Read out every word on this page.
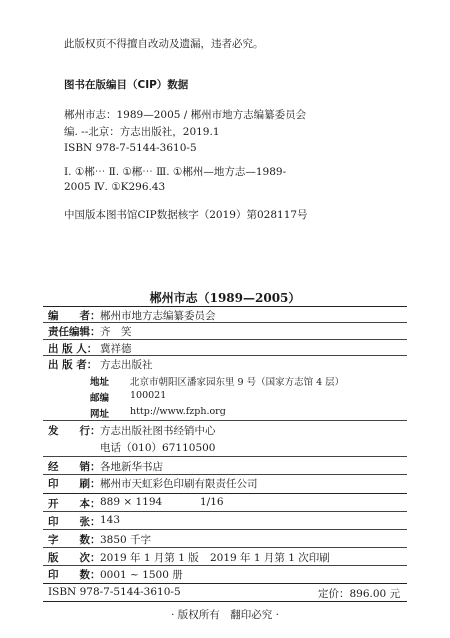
此版权页不得擅自改动及遗漏，违者必究。
图书在版编目（CIP）数据
郴州市志：1989—2005 / 郴州市地方志编纂委员会
编. --北京：方志出版社，2019.1
ISBN 978-7-5144-3610-5
Ⅰ. ①郴⋯ Ⅱ. ①郴⋯ Ⅲ. ①郴州—地方志—1989-
2005 Ⅳ. ①K296.43
中国版本图书馆CIP数据核字（2019）第028117号
郴州市志（1989—2005）
编　　者： 郴州市地方志编纂委员会
责任编辑： 齐　笑
出 版 人： 冀祥德
出 版 者： 方志出版社
地址 北京市朝阳区潘家园东里 9 号（国家方志馆 4 层）
邮编 100021
网址 http://www.fzph.org
发　　行： 方志出版社图书经销中心
电话（010）67110500
经　　销： 各地新华书店
印　　刷： 郴州市天虹彩色印刷有限责任公司
开　　本： 889 × 1194	1/16
印　　张： 143
字　　数： 3850 千字
版　　次： 2019 年 1 月第 1 版 2019 年 1 月第 1 次印刷
印　　数： 0001 ~ 1500 册
ISBN 978-7-5144-3610-5	定价：896.00 元
· 版权所有　翻印必究 ·
